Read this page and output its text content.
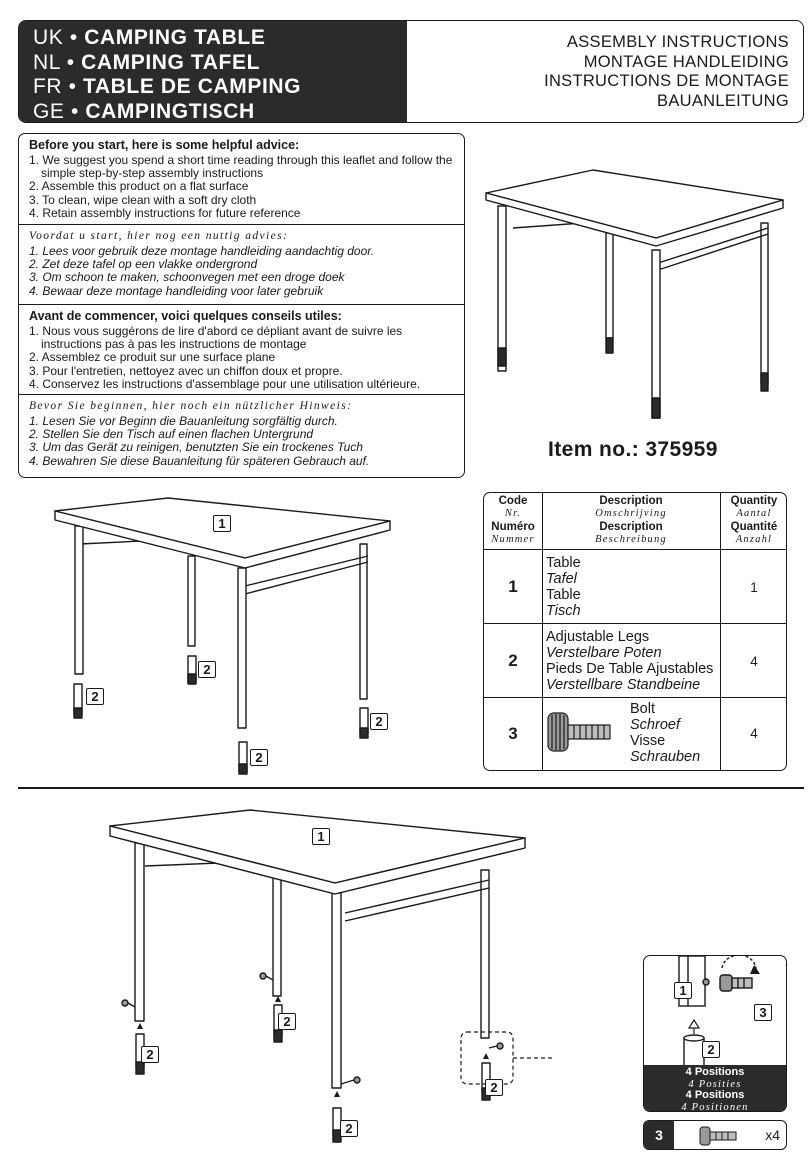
UK • CAMPING TABLE
NL • CAMPING TAFEL
FR • TABLE DE CAMPING
GE • CAMPINGTISCH
ASSEMBLY INSTRUCTIONS
MONTAGE HANDLEIDING
INSTRUCTIONS DE MONTAGE
BAUANLEITUNG
Before you start, here is some helpful advice:
1. We suggest you spend a short time reading through this leaflet and follow the simple step-by-step assembly instructions
2. Assemble this product on a flat surface
3. To clean, wipe clean with a soft dry cloth
4. Retain assembly instructions for future reference
Voordat u start, hier nog een nuttig advies:
1. Lees voor gebruik deze montage handleiding aandachtig door.
2. Zet deze tafel op een vlakke ondergrond
3. Om schoon te maken, schoonvegen met een droge doek
4. Bewaar deze montage handleiding voor later gebruik
Avant de commencer, voici quelques conseils utiles:
1. Nous vous suggérons de lire d'abord ce dépliant avant de suivre les instructions pas à pas les instructions de montage
2. Assemblez ce produit sur une surface plane
3. Pour l'entretien, nettoyez avec un chiffon doux et propre.
4. Conservez les instructions d'assemblage pour une utilisation ultérieure.
Bevor Sie beginnen, hier noch ein nützlicher Hinweis:
1. Lesen Sie vor Beginn die Bauanleitung sorgfältig durch.
2. Stellen Sie den Tisch auf einen flachen Untergrund
3. Um das Gerät zu reinigen, benutzten Sie ein trockenes Tuch
4. Bewahren Sie diese Bauanleitung für späteren Gebrauch auf.	Item no.: 375959
1
2
2
2
2
Code
Nr.
Numéro
Nummer
Description
Omschrijving
Description
Beschreibung
Quantity
Aantal
Quantité
Anzahl
1
Table
Tafel
Table
Tisch
1
2
Adjustable Legs
Verstelbare Poten
Pieds De Table Ajustables
Verstellbare Standbeine
4
3
Bolt
Schroef
Visse
Schrauben
4
1
2
2
2
2
1
3
2
4 Positions
4 Posities
4 Positions
4 Positionen
3	x4
